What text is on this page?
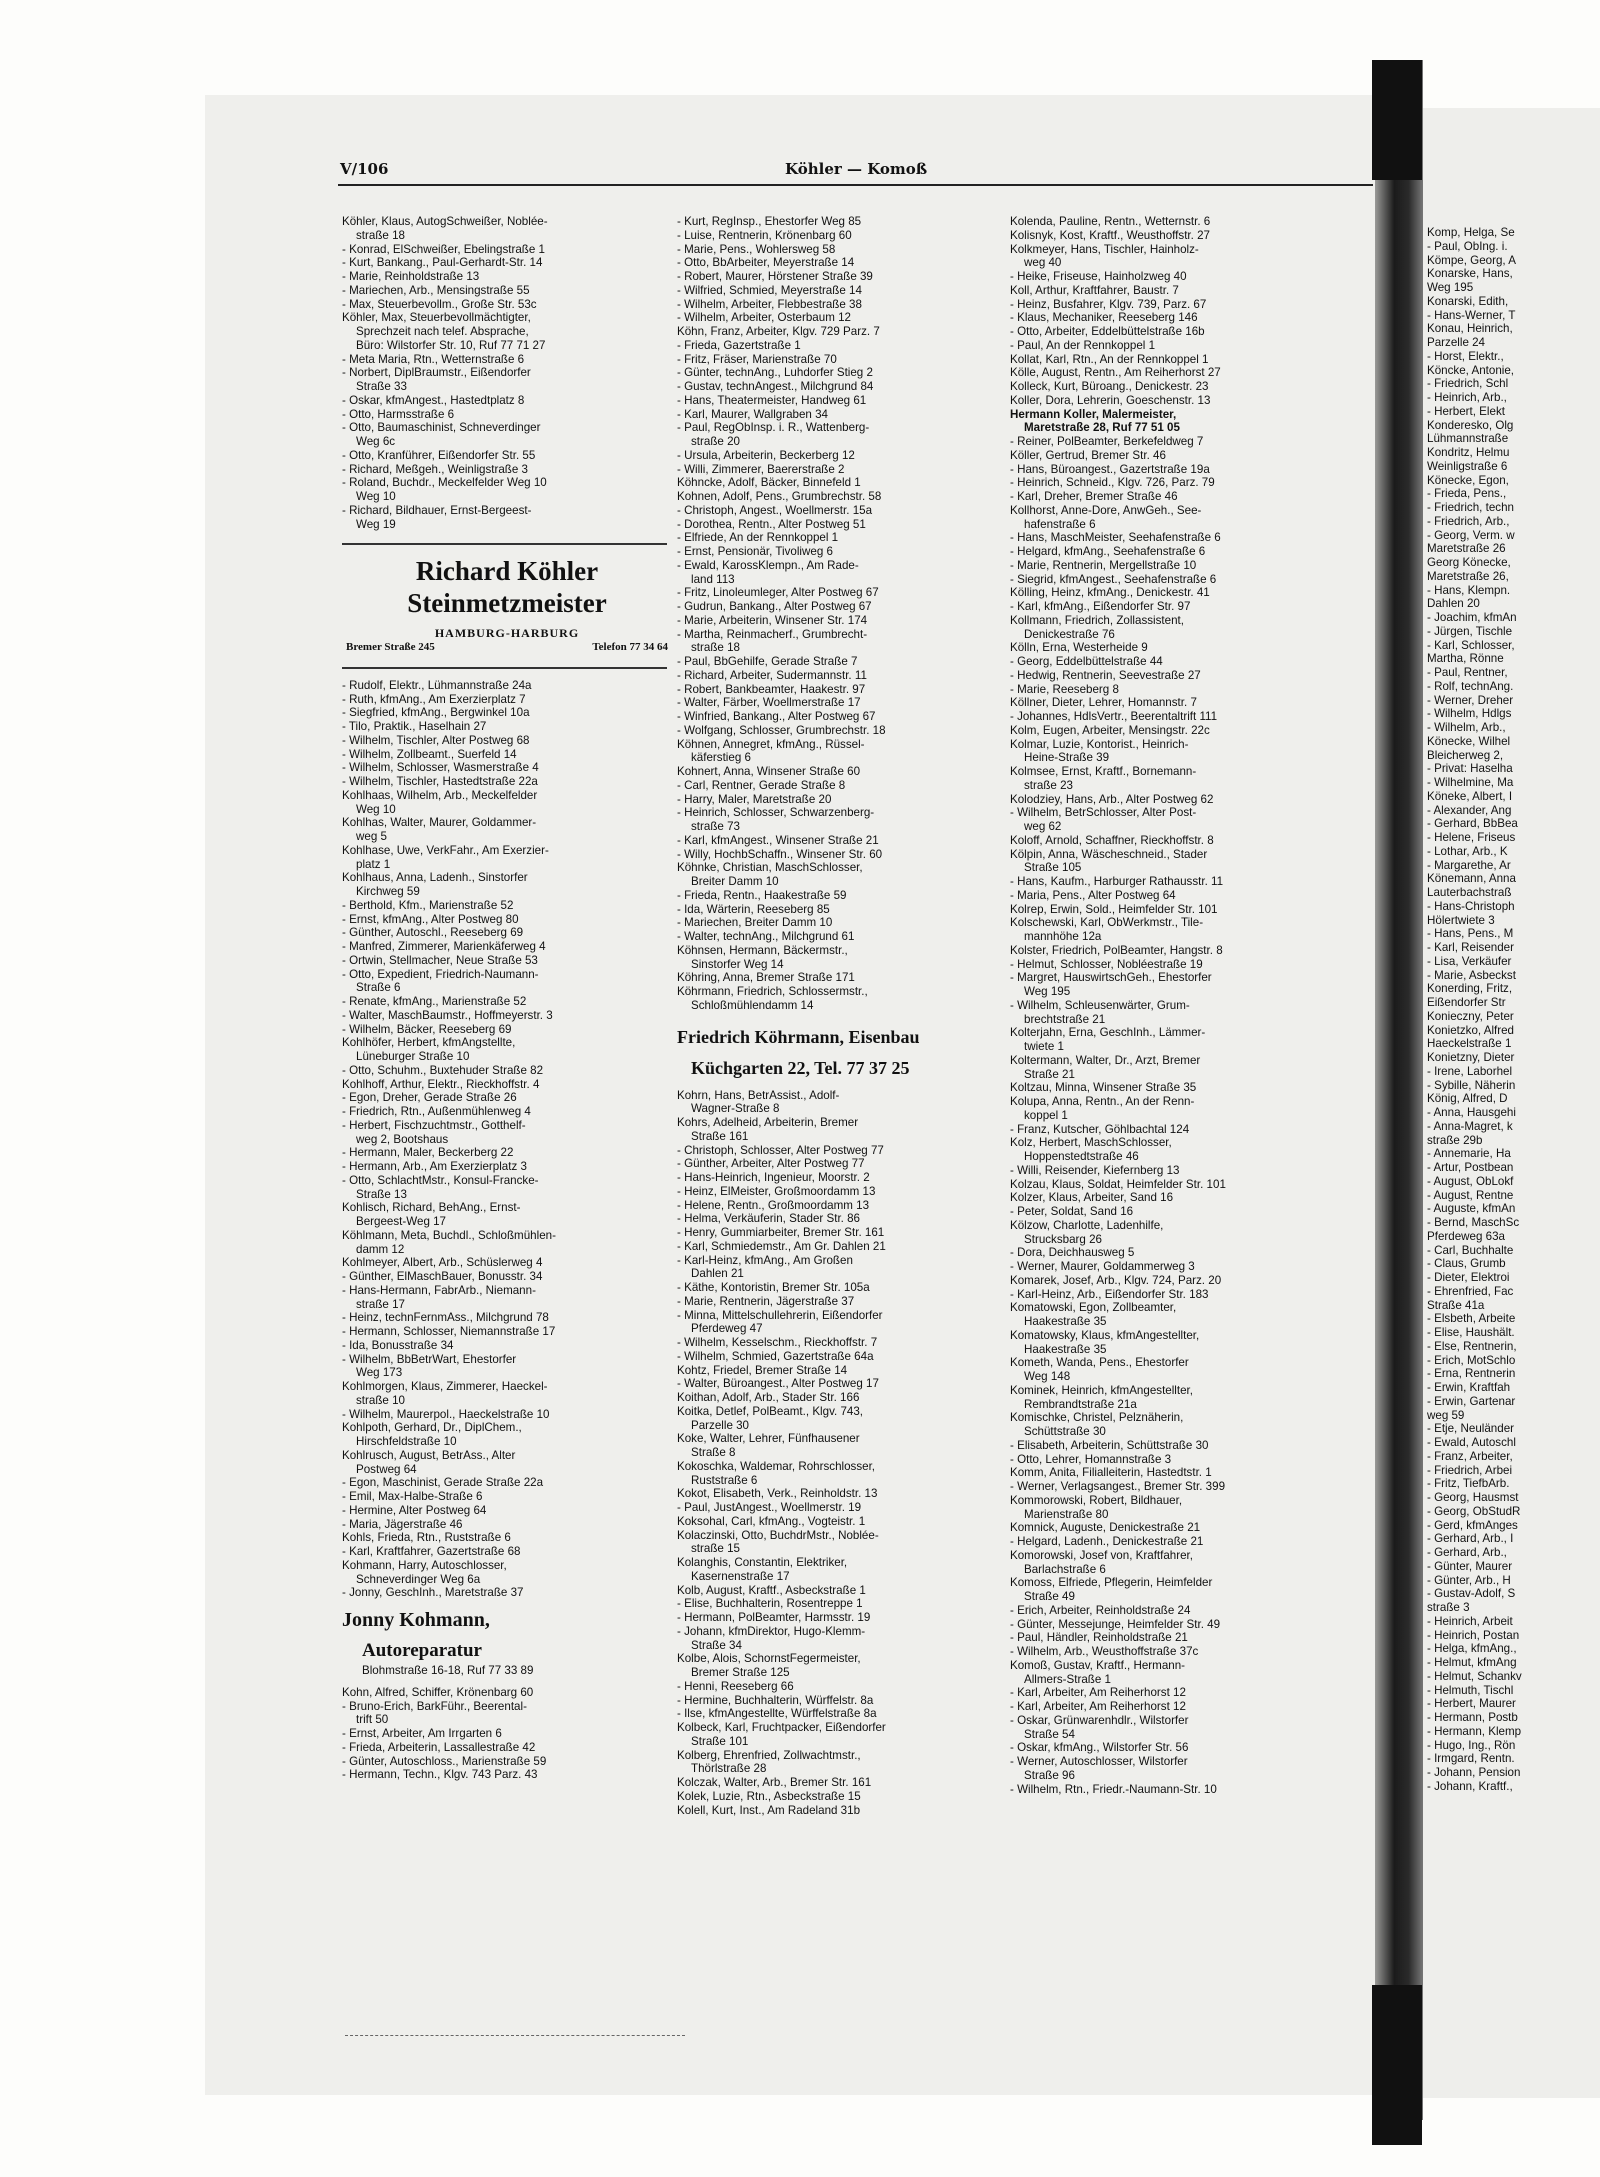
Komp, Helga, Se
- Paul, ObIng. i.
Kömpe, Georg, A
Konarske, Hans,
Weg 195
Konarski, Edith,
- Hans-Werner, T
Konau, Heinrich,
Parzelle 24
- Horst, Elektr.,
Köncke, Antonie,
- Friedrich, Schl
- Heinrich, Arb.,
- Herbert, Elekt
Konderesko, Olg
Lühmannstraße
Kondritz, Helmu
Weinligstraße 6
Könecke, Egon,
- Frieda, Pens.,
- Friedrich, techn
- Friedrich, Arb.,
- Georg, Verm. w
Maretstraße 26
Georg Könecke,
Maretstraße 26,
- Hans, Klempn.
Dahlen 20
- Joachim, kfmAn
- Jürgen, Tischle
- Karl, Schlosser,
Martha, Rönne
- Paul, Rentner,
- Rolf, technAng.
- Werner, Dreher
- Wilhelm, Hdlgs
- Wilhelm, Arb.,
Könecke, Wilhel
Bleicherweg 2,
- Privat: Haselha
- Wilhelmine, Ma
Köneke, Albert, I
- Alexander, Ang
- Gerhard, BbBea
- Helene, Friseus
- Lothar, Arb., K
- Margarethe, Ar
Könemann, Anna
Lauterbachstraß
- Hans-Christoph
Hölertwiete 3
- Hans, Pens., M
- Karl, Reisender
- Lisa, Verkäufer
- Marie, Asbeckst
Konerding, Fritz,
Eißendorfer Str
Konieczny, Peter
Konietzko, Alfred
Haeckelstraße 1
Konietzny, Dieter
- Irene, Laborhel
- Sybille, Näherin
König, Alfred, D
- Anna, Hausgehi
- Anna-Magret, k
straße 29b
- Annemarie, Ha
- Artur, Postbean
- August, ObLokf
- August, Rentne
- Auguste, kfmAn
- Bernd, MaschSc
Pferdeweg 63a
- Carl, Buchhalte
- Claus, Grumb
- Dieter, Elektroi
- Ehrenfried, Fac
Straße 41a
- Elsbeth, Arbeite
- Elise, Haushält.
- Else, Rentnerin,
- Erich, MotSchlo
- Erna, Rentnerin
- Erwin, Kraftfah
- Erwin, Gartenar
weg 59
- Etje, Neuländer
- Ewald, Autoschl
- Franz, Arbeiter,
- Friedrich, Arbei
- Fritz, TiefbArb.
- Georg, Hausmst
- Georg, ObStudR
- Gerd, kfmAnges
- Gerhard, Arb., I
- Gerhard, Arb.,
- Günter, Maurer
- Günter, Arb., H
- Gustav-Adolf, S
straße 3
- Heinrich, Arbeit
- Heinrich, Postan
- Helga, kfmAng.,
- Helmut, kfmAng
- Helmut, Schankv
- Helmuth, Tischl
- Herbert, Maurer
- Hermann, Postb
- Hermann, Klemp
- Hugo, Ing., Rön
- Irmgard, Rentn.
- Johann, Pension
- Johann, Kraftf.,
V/106	Köhler — Komoß
Köhler, Klaus, AutogSchweißer, Noblée-
straße 18
- Konrad, ElSchweißer, Ebelingstraße 1
- Kurt, Bankang., Paul-Gerhardt-Str. 14
- Marie, Reinholdstraße 13
- Mariechen, Arb., Mensingstraße 55
- Max, Steuerbevollm., Große Str. 53c
Köhler, Max, Steuerbevollmächtigter,
Sprechzeit nach telef. Absprache,
Büro: Wilstorfer Str. 10, Ruf 77 71 27
- Meta Maria, Rtn., Wetternstraße 6
- Norbert, DiplBraumstr., Eißendorfer
Straße 33
- Oskar, kfmAngest., Hastedtplatz 8
- Otto, Harmsstraße 6
- Otto, Baumaschinist, Schneverdinger
Weg 6c
- Otto, Kranführer, Eißendorfer Str. 55
- Richard, Meßgeh., Weinligstraße 3
- Roland, Buchdr., Meckelfelder Weg 10
Weg 10
- Richard, Bildhauer, Ernst-Bergeest-
Weg 19
Richard Köhler
Steinmetzmeister
HAMBURG-HARBURG
Bremer Straße 245	Telefon 77 34 64
- Rudolf, Elektr., Lühmannstraße 24a
- Ruth, kfmAng., Am Exerzierplatz 7
- Siegfried, kfmAng., Bergwinkel 10a
- Tilo, Praktik., Haselhain 27
- Wilhelm, Tischler, Alter Postweg 68
- Wilhelm, Zollbeamt., Suerfeld 14
- Wilhelm, Schlosser, Wasmerstraße 4
- Wilhelm, Tischler, Hastedtstraße 22a
Kohlhaas, Wilhelm, Arb., Meckelfelder
Weg 10
Kohlhas, Walter, Maurer, Goldammer-
weg 5
Kohlhase, Uwe, VerkFahr., Am Exerzier-
platz 1
Kohlhaus, Anna, Ladenh., Sinstorfer
Kirchweg 59
- Berthold, Kfm., Marienstraße 52
- Ernst, kfmAng., Alter Postweg 80
- Günther, Autoschl., Reeseberg 69
- Manfred, Zimmerer, Marienkäferweg 4
- Ortwin, Stellmacher, Neue Straße 53
- Otto, Expedient, Friedrich-Naumann-
Straße 6
- Renate, kfmAng., Marienstraße 52
- Walter, MaschBaumstr., Hoffmeyerstr. 3
- Wilhelm, Bäcker, Reeseberg 69
Kohlhöfer, Herbert, kfmAngstellte,
Lüneburger Straße 10
- Otto, Schuhm., Buxtehuder Straße 82
Kohlhoff, Arthur, Elektr., Rieckhoffstr. 4
- Egon, Dreher, Gerade Straße 26
- Friedrich, Rtn., Außenmühlenweg 4
- Herbert, Fischzuchtmstr., Gotthelf-
weg 2, Bootshaus
- Hermann, Maler, Beckerberg 22
- Hermann, Arb., Am Exerzierplatz 3
- Otto, SchlachtMstr., Konsul-Francke-
Straße 13
Kohlisch, Richard, BehAng., Ernst-
Bergeest-Weg 17
Köhlmann, Meta, Buchdl., Schloßmühlen-
damm 12
Kohlmeyer, Albert, Arb., Schüslerweg 4
- Günther, ElMaschBauer, Bonusstr. 34
- Hans-Hermann, FabrArb., Niemann-
straße 17
- Heinz, technFernmAss., Milchgrund 78
- Hermann, Schlosser, Niemannstraße 17
- Ida, Bonusstraße 34
- Wilhelm, BbBetrWart, Ehestorfer
Weg 173
Kohlmorgen, Klaus, Zimmerer, Haeckel-
straße 10
- Wilhelm, Maurerpol., Haeckelstraße 10
Kohlpoth, Gerhard, Dr., DiplChem.,
Hirschfeldstraße 10
Kohlrusch, August, BetrAss., Alter
Postweg 64
- Egon, Maschinist, Gerade Straße 22a
- Emil, Max-Halbe-Straße 6
- Hermine, Alter Postweg 64
- Maria, Jägerstraße 46
Kohls, Frieda, Rtn., Ruststraße 6
- Karl, Kraftfahrer, Gazertstraße 68
Kohmann, Harry, Autoschlosser,
Schneverdinger Weg 6a
- Jonny, GeschInh., Maretstraße 37
Jonny Kohmann,
Autoreparatur
Blohmstraße 16-18, Ruf 77 33 89
Kohn, Alfred, Schiffer, Krönenbarg 60
- Bruno-Erich, BarkFühr., Beerental-
trift 50
- Ernst, Arbeiter, Am Irrgarten 6
- Frieda, Arbeiterin, Lassallestraße 42
- Günter, Autoschloss., Marienstraße 59
- Hermann, Techn., Klgv. 743 Parz. 43
- Kurt, RegInsp., Ehestorfer Weg 85
- Luise, Rentnerin, Krönenbarg 60
- Marie, Pens., Wohlersweg 58
- Otto, BbArbeiter, Meyerstraße 14
- Robert, Maurer, Hörstener Straße 39
- Wilfried, Schmied, Meyerstraße 14
- Wilhelm, Arbeiter, Flebbestraße 38
- Wilhelm, Arbeiter, Osterbaum 12
Köhn, Franz, Arbeiter, Klgv. 729 Parz. 7
- Frieda, Gazertstraße 1
- Fritz, Fräser, Marienstraße 70
- Günter, technAng., Luhdorfer Stieg 2
- Gustav, technAngest., Milchgrund 84
- Hans, Theatermeister, Handweg 61
- Karl, Maurer, Wallgraben 34
- Paul, RegObInsp. i. R., Wattenberg-
straße 20
- Ursula, Arbeiterin, Beckerberg 12
- Willi, Zimmerer, Baererstraße 2
Köhncke, Adolf, Bäcker, Binnefeld 1
Kohnen, Adolf, Pens., Grumbrechstr. 58
- Christoph, Angest., Woellmerstr. 15a
- Dorothea, Rentn., Alter Postweg 51
- Elfriede, An der Rennkoppel 1
- Ernst, Pensionär, Tivoliweg 6
- Ewald, KarossKlempn., Am Rade-
land 113
- Fritz, Linoleumleger, Alter Postweg 67
- Gudrun, Bankang., Alter Postweg 67
- Marie, Arbeiterin, Winsener Str. 174
- Martha, Reinmacherf., Grumbrecht-
straße 18
- Paul, BbGehilfe, Gerade Straße 7
- Richard, Arbeiter, Sudermannstr. 11
- Robert, Bankbeamter, Haakestr. 97
- Walter, Färber, Woellmerstraße 17
- Winfried, Bankang., Alter Postweg 67
- Wolfgang, Schlosser, Grumbrechstr. 18
Köhnen, Annegret, kfmAng., Rüssel-
käferstieg 6
Kohnert, Anna, Winsener Straße 60
- Carl, Rentner, Gerade Straße 8
- Harry, Maler, Maretstraße 20
- Heinrich, Schlosser, Schwarzenberg-
straße 73
- Karl, kfmAngest., Winsener Straße 21
- Willy, HochbSchaffn., Winsener Str. 60
Köhnke, Christian, MaschSchlosser,
Breiter Damm 10
- Frieda, Rentn., Haakestraße 59
- Ida, Wärterin, Reeseberg 85
- Mariechen, Breiter Damm 10
- Walter, technAng., Milchgrund 61
Köhnsen, Hermann, Bäckermstr.,
Sinstorfer Weg 14
Köhring, Anna, Bremer Straße 171
Köhrmann, Friedrich, Schlossermstr.,
Schloßmühlendamm 14
Friedrich Köhrmann, Eisenbau
Küchgarten 22, Tel. 77 37 25
Kohrn, Hans, BetrAssist., Adolf-
Wagner-Straße 8
Kohrs, Adelheid, Arbeiterin, Bremer
Straße 161
- Christoph, Schlosser, Alter Postweg 77
- Günther, Arbeiter, Alter Postweg 77
- Hans-Heinrich, Ingenieur, Moorstr. 2
- Heinz, ElMeister, Großmoordamm 13
- Helene, Rentn., Großmoordamm 13
- Helma, Verkäuferin, Stader Str. 86
- Henry, Gummiarbeiter, Bremer Str. 161
- Karl, Schmiedemstr., Am Gr. Dahlen 21
- Karl-Heinz, kfmAng., Am Großen
Dahlen 21
- Käthe, Kontoristin, Bremer Str. 105a
- Marie, Rentnerin, Jägerstraße 37
- Minna, Mittelschullehrerin, Eißendorfer
Pferdeweg 47
- Wilhelm, Kesselschm., Rieckhoffstr. 7
- Wilhelm, Schmied, Gazertstraße 64a
Kohtz, Friedel, Bremer Straße 14
- Walter, Büroangest., Alter Postweg 17
Koithan, Adolf, Arb., Stader Str. 166
Koitka, Detlef, PolBeamt., Klgv. 743,
Parzelle 30
Koke, Walter, Lehrer, Fünfhausener
Straße 8
Kokoschka, Waldemar, Rohrschlosser,
Ruststraße 6
Kokot, Elisabeth, Verk., Reinholdstr. 13
- Paul, JustAngest., Woellmerstr. 19
Koksohal, Carl, kfmAng., Vogteistr. 1
Kolaczinski, Otto, BuchdrMstr., Noblée-
straße 15
Kolanghis, Constantin, Elektriker,
Kasernenstraße 17
Kolb, August, Kraftf., Asbeckstraße 1
- Elise, Buchhalterin, Rosentreppe 1
- Hermann, PolBeamter, Harmsstr. 19
- Johann, kfmDirektor, Hugo-Klemm-
Straße 34
Kolbe, Alois, SchornstFegermeister,
Bremer Straße 125
- Henni, Reeseberg 66
- Hermine, Buchhalterin, Würffelstr. 8a
- Ilse, kfmAngestellte, Würffelstraße 8a
Kolbeck, Karl, Fruchtpacker, Eißendorfer
Straße 101
Kolberg, Ehrenfried, Zollwachtmstr.,
Thörlstraße 28
Kolczak, Walter, Arb., Bremer Str. 161
Kolek, Luzie, Rtn., Asbeckstraße 15
Kolell, Kurt, Inst., Am Radeland 31b
Kolenda, Pauline, Rentn., Wetternstr. 6
Kolisnyk, Kost, Kraftf., Weusthoffstr. 27
Kolkmeyer, Hans, Tischler, Hainholz-
weg 40
- Heike, Friseuse, Hainholzweg 40
Koll, Arthur, Kraftfahrer, Baustr. 7
- Heinz, Busfahrer, Klgv. 739, Parz. 67
- Klaus, Mechaniker, Reeseberg 146
- Otto, Arbeiter, Eddelbüttelstraße 16b
- Paul, An der Rennkoppel 1
Kollat, Karl, Rtn., An der Rennkoppel 1
Kölle, August, Rentn., Am Reiherhorst 27
Kolleck, Kurt, Büroang., Denickestr. 23
Koller, Dora, Lehrerin, Goeschenstr. 13
Hermann Koller, Malermeister,
Maretstraße 28, Ruf 77 51 05
- Reiner, PolBeamter, Berkefeldweg 7
Köller, Gertrud, Bremer Str. 46
- Hans, Büroangest., Gazertstraße 19a
- Heinrich, Schneid., Klgv. 726, Parz. 79
- Karl, Dreher, Bremer Straße 46
Kollhorst, Anne-Dore, AnwGeh., See-
hafenstraße 6
- Hans, MaschMeister, Seehafenstraße 6
- Helgard, kfmAng., Seehafenstraße 6
- Marie, Rentnerin, Mergellstraße 10
- Siegrid, kfmAngest., Seehafenstraße 6
Kölling, Heinz, kfmAng., Denickestr. 41
- Karl, kfmAng., Eißendorfer Str. 97
Kollmann, Friedrich, Zollassistent,
Denickestraße 76
Kölln, Erna, Westerheide 9
- Georg, Eddelbüttelstraße 44
- Hedwig, Rentnerin, Seevestraße 27
- Marie, Reeseberg 8
Köllner, Dieter, Lehrer, Homannstr. 7
- Johannes, HdlsVertr., Beerentaltrift 111
Kolm, Eugen, Arbeiter, Mensingstr. 22c
Kolmar, Luzie, Kontorist., Heinrich-
Heine-Straße 39
Kolmsee, Ernst, Kraftf., Bornemann-
straße 23
Kolodziey, Hans, Arb., Alter Postweg 62
- Wilhelm, BetrSchlosser, Alter Post-
weg 62
Koloff, Arnold, Schaffner, Rieckhoffstr. 8
Kölpin, Anna, Wäscheschneid., Stader
Straße 105
- Hans, Kaufm., Harburger Rathausstr. 11
- Maria, Pens., Alter Postweg 64
Kolrep, Erwin, Sold., Heimfelder Str. 101
Kolschewski, Karl, ObWerkmstr., Tile-
mannhöhe 12a
Kolster, Friedrich, PolBeamter, Hangstr. 8
- Helmut, Schlosser, Nobléestraße 19
- Margret, HauswirtschGeh., Ehestorfer
Weg 195
- Wilhelm, Schleusenwärter, Grum-
brechtstraße 21
Kolterjahn, Erna, GeschInh., Lämmer-
twiete 1
Koltermann, Walter, Dr., Arzt, Bremer
Straße 21
Koltzau, Minna, Winsener Straße 35
Kolupa, Anna, Rentn., An der Renn-
koppel 1
- Franz, Kutscher, Göhlbachtal 124
Kolz, Herbert, MaschSchlosser,
Hoppenstedtstraße 46
- Willi, Reisender, Kiefernberg 13
Kolzau, Klaus, Soldat, Heimfelder Str. 101
Kolzer, Klaus, Arbeiter, Sand 16
- Peter, Soldat, Sand 16
Kölzow, Charlotte, Ladenhilfe,
Strucksbarg 26
- Dora, Deichhausweg 5
- Werner, Maurer, Goldammerweg 3
Komarek, Josef, Arb., Klgv. 724, Parz. 20
- Karl-Heinz, Arb., Eißendorfer Str. 183
Komatowski, Egon, Zollbeamter,
Haakestraße 35
Komatowsky, Klaus, kfmAngestellter,
Haakestraße 35
Kometh, Wanda, Pens., Ehestorfer
Weg 148
Kominek, Heinrich, kfmAngestellter,
Rembrandtstraße 21a
Komischke, Christel, Pelznäherin,
Schüttstraße 30
- Elisabeth, Arbeiterin, Schüttstraße 30
- Otto, Lehrer, Homannstraße 3
Komm, Anita, Filialleiterin, Hastedtstr. 1
- Werner, Verlagsangest., Bremer Str. 399
Kommorowski, Robert, Bildhauer,
Marienstraße 80
Komnick, Auguste, Denickestraße 21
- Helgard, Ladenh., Denickestraße 21
Komorowski, Josef von, Kraftfahrer,
Barlachstraße 6
Komoss, Elfriede, Pflegerin, Heimfelder
Straße 49
- Erich, Arbeiter, Reinholdstraße 24
- Günter, Messejunge, Heimfelder Str. 49
- Paul, Händler, Reinholdstraße 21
- Wilhelm, Arb., Weusthoffstraße 37c
Komoß, Gustav, Kraftf., Hermann-
Allmers-Straße 1
- Karl, Arbeiter, Am Reiherhorst 12
- Karl, Arbeiter, Am Reiherhorst 12
- Oskar, Grünwarenhdlr., Wilstorfer
Straße 54
- Oskar, kfmAng., Wilstorfer Str. 56
- Werner, Autoschlosser, Wilstorfer
Straße 96
- Wilhelm, Rtn., Friedr.-Naumann-Str. 10
